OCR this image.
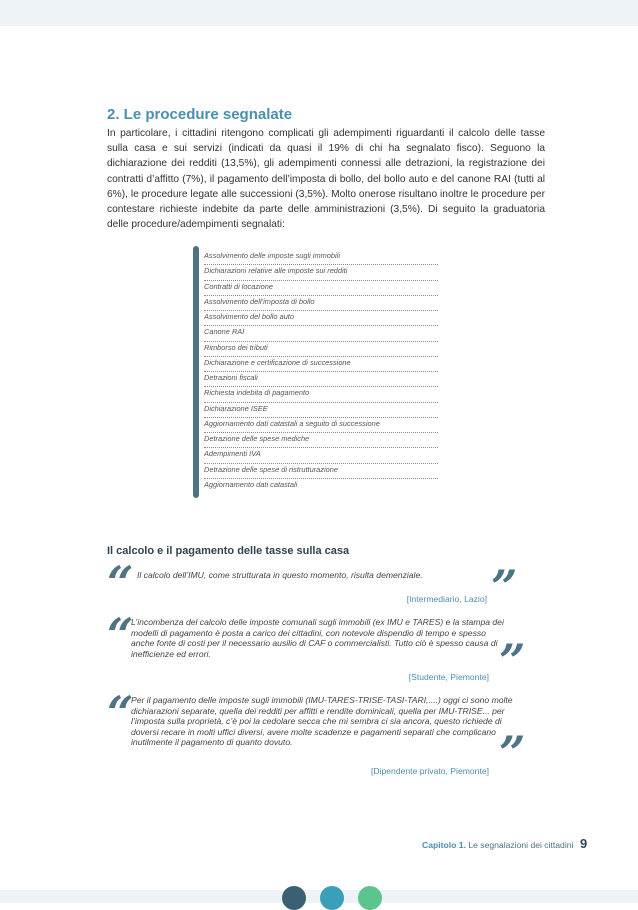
2. Le procedure segnalate

In particolare, i cittadini ritengono complicati gli adempimenti riguardanti il calcolo delle tasse sulla casa e sui servizi (indicati da quasi il 19% di chi ha segnalato fisco). Seguono la dichiarazione dei redditi (13,5%), gli adempimenti connessi alle detrazioni, la registrazione dei contratti d’affitto (7%), il pagamento dell’imposta di bollo, del bollo auto e del canone RAI (tutti al 6%), le procedure legate alle successioni (3,5%). Molto onerose risultano inoltre le procedure per contestare richieste indebite da parte delle amministrazioni (3,5%). Di seguito la graduatoria delle procedure/adempimenti segnalati:

Assolvimento delle imposte sugli immobili
Dichiarazioni relative alle imposte sui redditi
Contratti di locazione
Assolvimento dell’imposta di bollo
Assolvimento del bollo auto
Canone RAI
Rimborso dei tributi
Dichiarazione e certificazione di successione
Detrazioni fiscali
Richiesta indebita di pagamento
Dichiarazione ISEE
Aggiornamento dati catastali a seguito di successione
Detrazione delle spese mediche
Adempimenti IVA
Detrazione delle spese di ristrutturazione
Aggiornamento dati catastali
Il calcolo e il pagamento delle tasse sulla casa
“ Il calcolo dell’IMU, come strutturata in questo momento, risulta demenziale.	”

[Intermediario, Lazio]

“

L’incombenza del calcolo delle imposte comunali sugli immobili (ex IMU e TARES) e la stampa dei modelli di pagamento è posta a carico dei cittadini, con notevole dispendio di tempo e spesso anche fonte di costi per il necessario ausilio di CAF o commercialisti. Tutto ciò è spesso causa di inefficienze ed errori.	”

[Studente, Piemonte]

“

Per il pagamento delle imposte sugli immobili (IMU-TARES-TRISE-TASI-TARI,....) oggi ci sono molte dichiarazioni separate, quella dei redditi per affitti e rendite dominicali, quella per IMU-TRISE... per l’imposta sulla proprietà, c’è poi la cedolare secca che mi sembra ci sia ancora, questo richiede di doversi recare in molti uffici diversi, avere molte scadenze e pagamenti separati che complicano inutilmente il pagamento di quanto dovuto.	”

[Dipendente privato, Piemonte]

Capitolo 1. Le segnalazioni dei cittadini 9
